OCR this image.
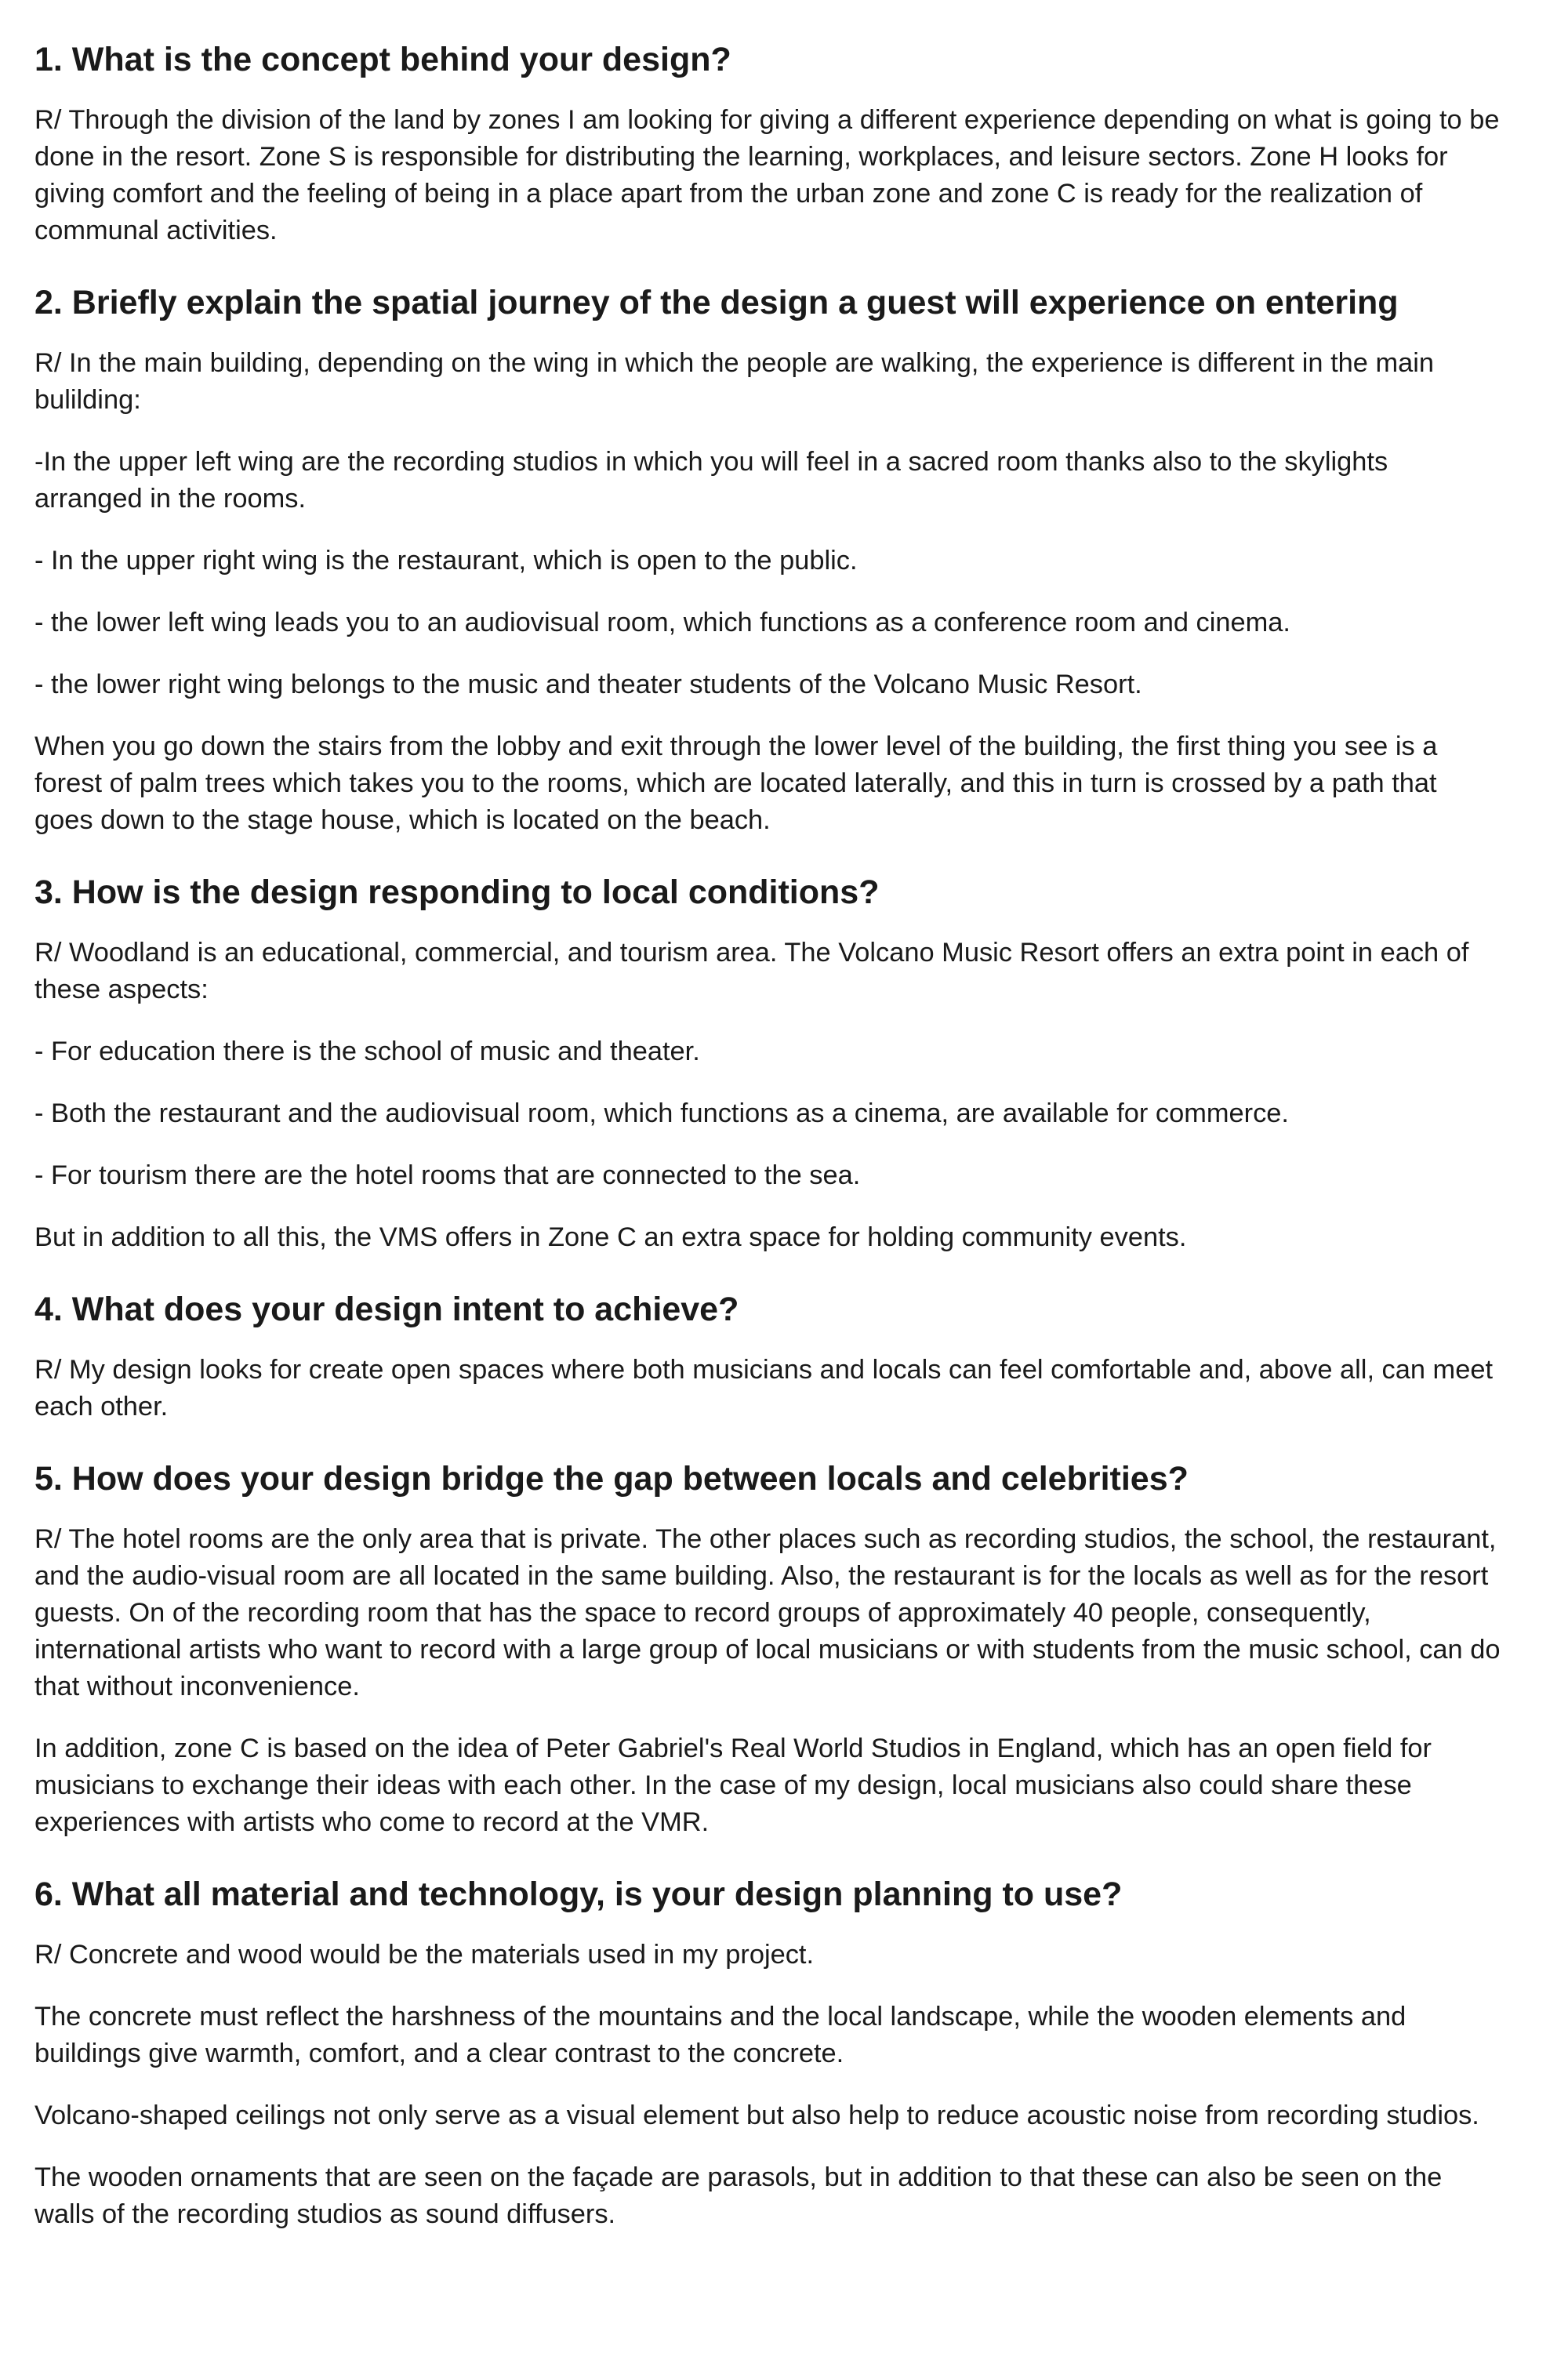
1. What is the concept behind your design?

R/ Through the division of the land by zones I am looking for giving a different experience depending on what is going to be done in the resort. Zone S is responsible for distributing the learning, workplaces, and leisure sectors. Zone H looks for giving comfort and the feeling of being in a place apart from the urban zone and zone C is ready for the realization of communal activities.

2. Briefly explain the spatial journey of the design a guest will experience on entering

R/ In the main building, depending on the wing in which the people are walking, the experience is different in the main bulilding:

-In the upper left wing are the recording studios in which you will feel in a sacred room thanks also to the skylights arranged in the rooms.

- In the upper right wing is the restaurant, which is open to the public.

- the lower left wing leads you to an audiovisual room, which functions as a conference room and cinema.

- the lower right wing belongs to the music and theater students of the Volcano Music Resort.

When you go down the stairs from the lobby and exit through the lower level of the building, the first thing you see is a forest of palm trees which takes you to the rooms, which are located laterally, and this in turn is crossed by a path that goes down to the stage house, which is located on the beach.

3. How is the design responding to local conditions?

R/ Woodland is an educational, commercial, and tourism area. The Volcano Music Resort offers an extra point in each of these aspects:

- For education there is the school of music and theater.

- Both the restaurant and the audiovisual room, which functions as a cinema, are available for commerce.

- For tourism there are the hotel rooms that are connected to the sea.

But in addition to all this, the VMS offers in Zone C an extra space for holding community events.

4. What does your design intent to achieve?

R/ My design looks for create open spaces where both musicians and locals can feel comfortable and, above all, can meet each other.

5. How does your design bridge the gap between locals and celebrities?

R/ The hotel rooms are the only area that is private. The other places such as recording studios, the school, the restaurant, and the audio-visual room are all located in the same building. Also, the restaurant is for the locals as well as for the resort guests. On of the recording room that has the space to record groups of approximately 40 people, consequently, international artists who want to record with a large group of local musicians or with students from the music school, can do that without inconvenience.

In addition, zone C is based on the idea of Peter Gabriel's Real World Studios in England, which has an open field for musicians to exchange their ideas with each other. In the case of my design, local musicians also could share these experiences with artists who come to record at the VMR.

6. What all material and technology, is your design planning to use?

R/ Concrete and wood would be the materials used in my project.

The concrete must reflect the harshness of the mountains and the local landscape, while the wooden elements and buildings give warmth, comfort, and a clear contrast to the concrete.

Volcano-shaped ceilings not only serve as a visual element but also help to reduce acoustic noise from recording studios.

The wooden ornaments that are seen on the façade are parasols, but in addition to that these can also be seen on the walls of the recording studios as sound diffusers.
